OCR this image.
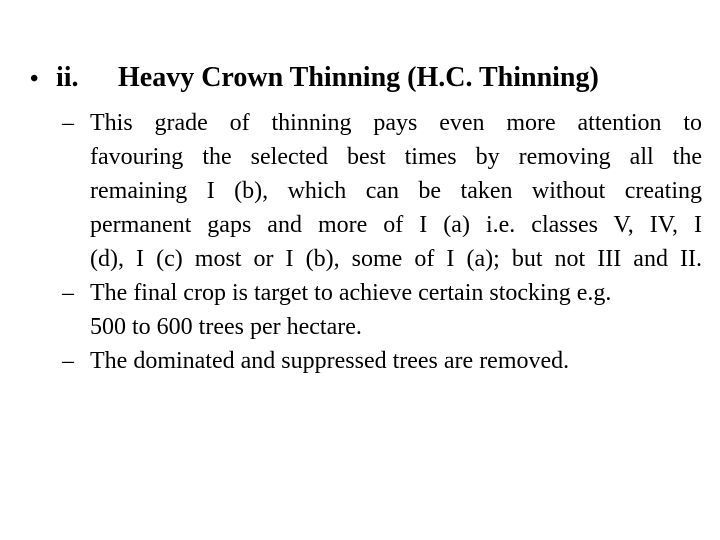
• ii.	Heavy Crown Thinning (H.C. Thinning)
– This grade of thinning pays even more attention to
favouring the selected best times by removing all the
remaining I (b), which can be taken without creating
permanent gaps and more of I (a) i.e. classes V, IV, I
(d), I (c) most or I (b), some of I (a); but not III and II.
– The final crop is target to achieve certain stocking e.g.
500 to 600 trees per hectare.
– The dominated and suppressed trees are removed.
